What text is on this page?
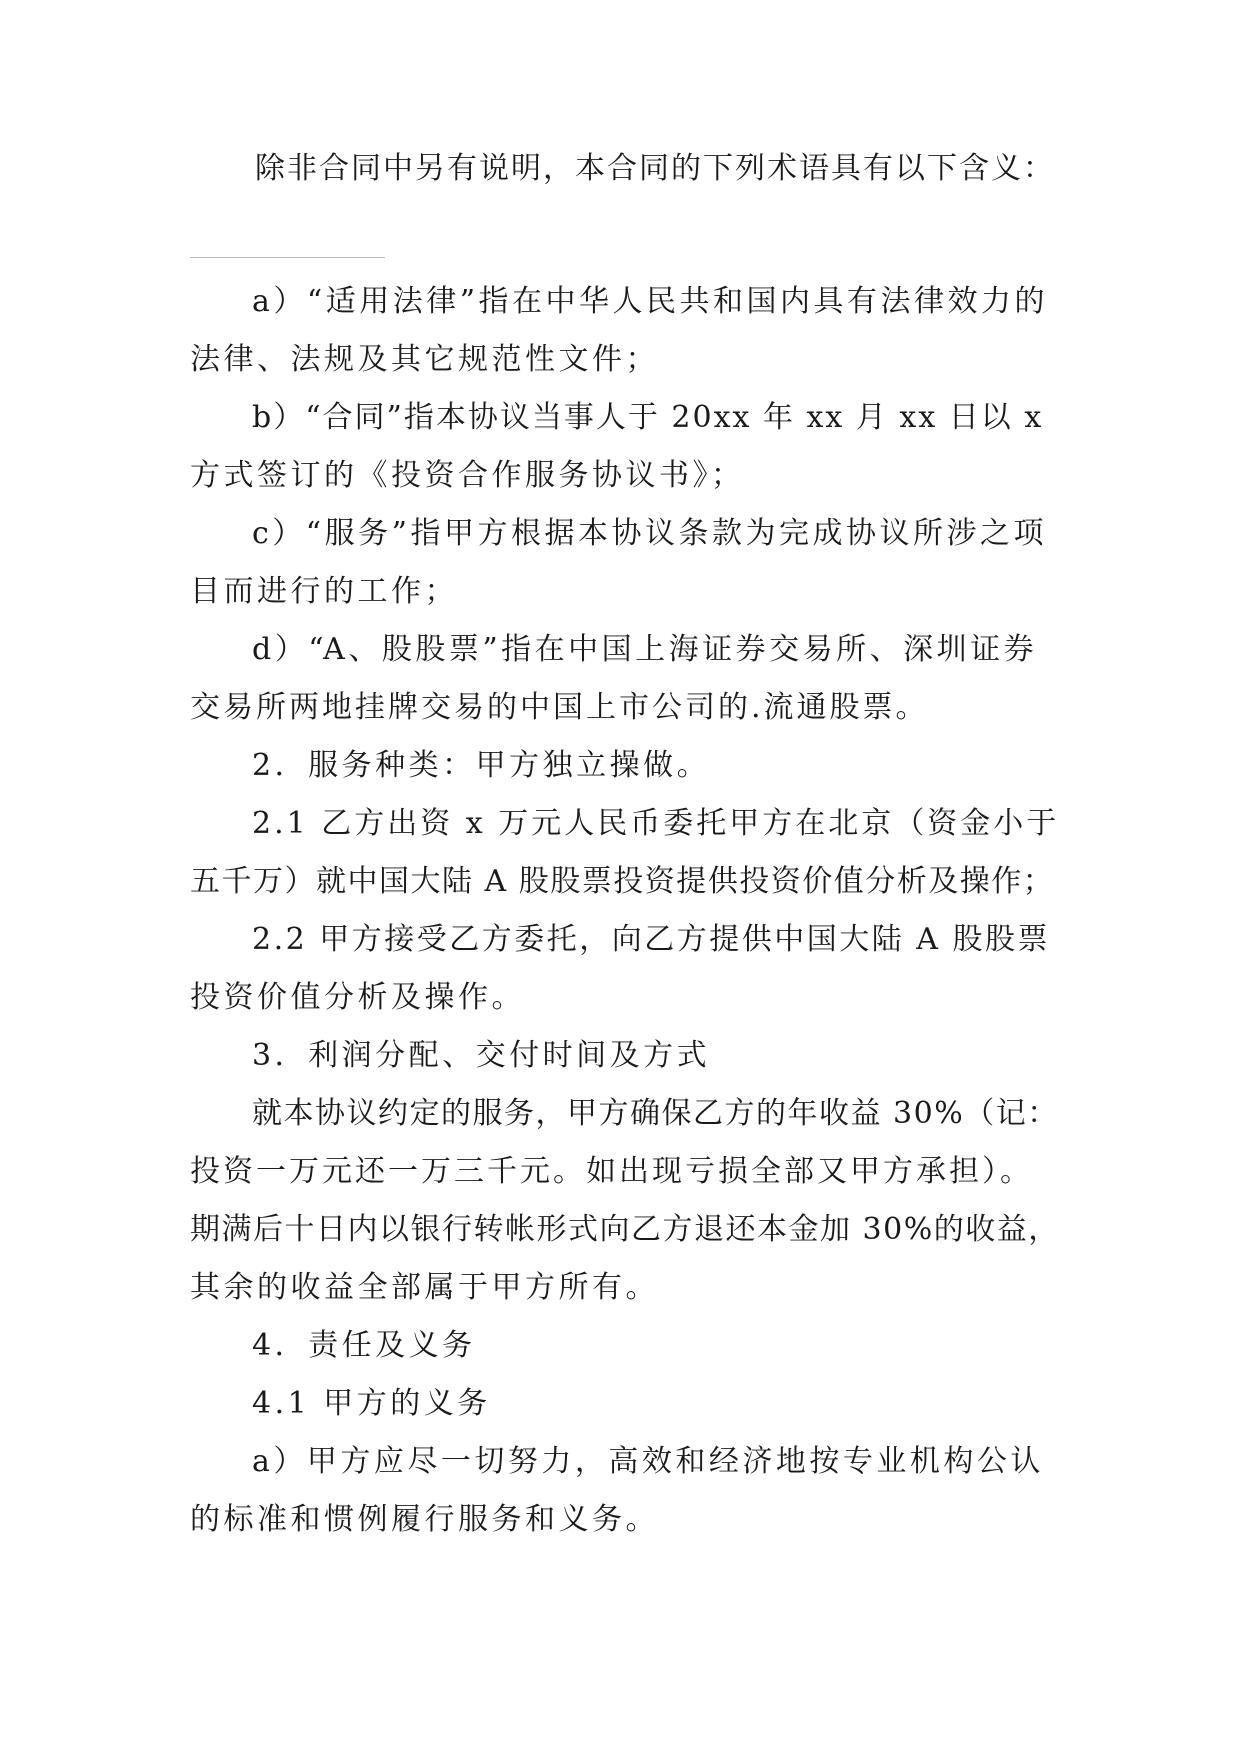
除非合同中另有说明，本合同的下列术语具有以下含义：
a）“适用法律”指在中华人民共和国内具有法律效力的
法律、法规及其它规范性文件；
b）“合同”指本协议当事人于 20xx 年 xx 月 xx 日以 x
方式签订的《投资合作服务协议书》；
c）“服务”指甲方根据本协议条款为完成协议所涉之项
目而进行的工作；
d）“A、股股票”指在中国上海证券交易所、深圳证券
交易所两地挂牌交易的中国上市公司的.流通股票。
2．服务种类：甲方独立操做。
2.1 乙方出资 x 万元人民币委托甲方在北京（资金小于
五千万）就中国大陆 A 股股票投资提供投资价值分析及操作；
2.2 甲方接受乙方委托，向乙方提供中国大陆 A 股股票
投资价值分析及操作。
3．利润分配、交付时间及方式
就本协议约定的服务，甲方确保乙方的年收益 30%（记：
投资一万元还一万三千元。如出现亏损全部又甲方承担）。
期满后十日内以银行转帐形式向乙方退还本金加 30%的收益，
其余的收益全部属于甲方所有。
4．责任及义务
4.1 甲方的义务
a）甲方应尽一切努力，高效和经济地按专业机构公认
的标准和惯例履行服务和义务。
